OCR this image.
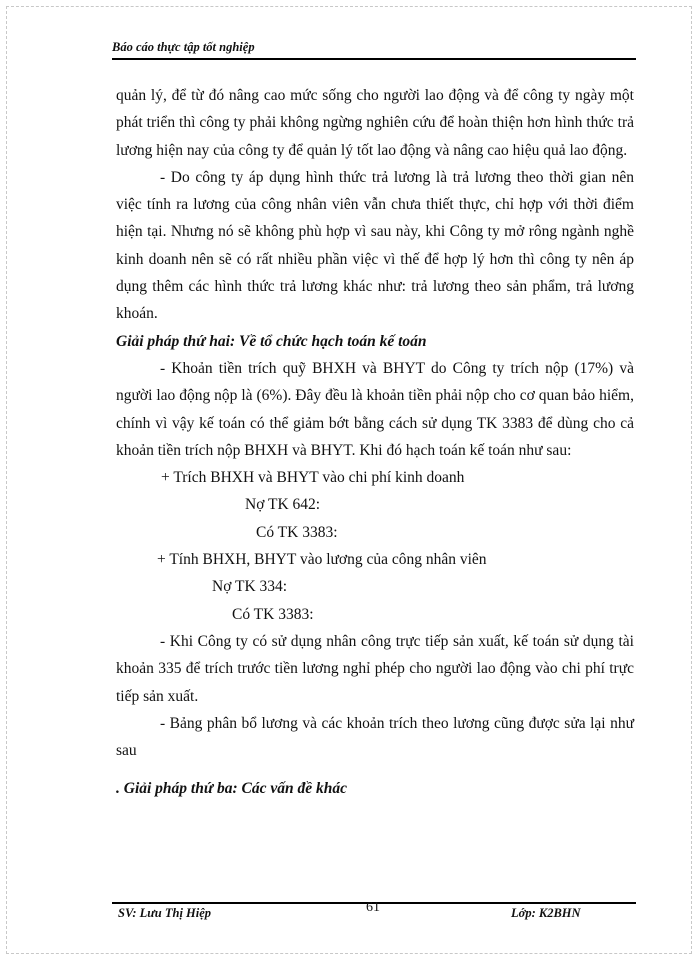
Báo cáo thực tập tốt nghiệp

quản lý, để từ đó nâng cao mức sống cho người lao động và để công ty ngày một phát triển thì công ty phải không ngừng nghiên cứu để hoàn thiện hơn hình thức trả lương hiện nay của công ty để quản lý tốt lao động và nâng cao hiệu quả lao động.

- Do công ty áp dụng hình thức trả lương là trả lương theo thời gian nên việc tính ra lương của công nhân viên vẫn chưa thiết thực, chỉ hợp với thời điểm hiện tại. Nhưng nó sẽ không phù hợp vì sau này, khi Công ty mở rông ngành nghề kinh doanh nên sẽ có rất nhiều phần việc vì thế để hợp lý hơn thì công ty nên áp dụng thêm các hình thức trả lương khác như: trả lương theo sản phẩm, trả lương khoán.

Giải pháp thứ hai: Về tổ chức hạch toán kế toán

- Khoản tiền trích quỹ BHXH và BHYT do Công ty trích nộp (17%) và người lao động nộp là (6%). Đây đều là khoản tiền phải nộp cho cơ quan bảo hiểm, chính vì vậy kế toán có thể giảm bớt bằng cách sử dụng TK 3383 để dùng cho cả khoản tiền trích nộp BHXH và BHYT. Khi đó hạch toán kế toán như sau:

+ Trích BHXH và BHYT vào chi phí kinh doanh

Nợ TK 642:

Có TK 3383:

+ Tính BHXH, BHYT vào lương của công nhân viên

Nợ TK 334:

Có TK 3383:

- Khi Công ty có sử dụng nhân công trực tiếp sản xuất, kế toán sử dụng tài khoản 335 để trích trước tiền lương nghỉ phép cho người lao động vào chi phí trực tiếp sản xuất.

- Bảng phân bổ lương và các khoản trích theo lương cũng được sửa lại như sau

. Giải pháp thứ ba: Các vấn đề khác

SV: Lưu Thị Hiệp	61	Lớp: K2BHN
